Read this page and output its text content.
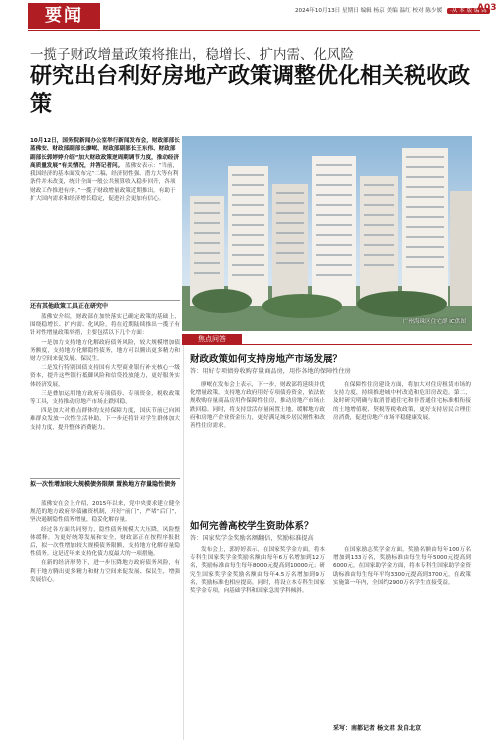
要闻	2024年10月13日 星期日 编辑 杨京 美编 温红 校对 陈少媛 ·从 本 版 编 辑
A03
一揽子财政增量政策将推出，稳增长、扩内需、化风险
研究出台利好房地产政策调整优化相关税收政策
10月12日，国务院新闻办公室举行新闻发布会，财政部部长蓝佛安、财政部副部长廖岷、财政部副部长王东伟、财政部副部长郭婷婷介绍“加大财政政策逆周期调节力度，推动经济高质量发展”有关情况，并答记者问。 蓝佛安表示：“当前，我国经济的基本面发布完“二稿，经济韧性强、潜力大等有利条件并未改变，统计全面一般公共预算收入稳步回升，各项财政工作推进有序。”一揽子财政增量政策近期推出，有助于扩大国内需求和经济增长稳定，促进社会更加有信心。
广州海珠区住宅群 IC供图
还有其他政策工具正在研究中

蓝佛安介绍，财政部在加快落实已确定政策的基础上，围绕稳增长、扩内需、化风险，将在近期陆续推出一揽子有针对性增量政策举措，主要包括以下几个方面：

一是加力支持地方化解政府债务风险，较大规模增加债务额度，支持地方化解隐性债务，地方可以腾出更多精力和财力空间来促发展、保民生。

二是发行特别国债支持国有大型商业银行补充核心一级资本，提升这些银行抵御风险和信贷投放能力，更好服务实体经济发展。

三是叠加运用地方政府专项债券、专项资金、税收政策等工具，支持推动房地产市场止跌回稳。

四是加大对重点群体的支持保障力度，国庆节前已向困难群众发放一次性生活补助，下一步还将针对学生群体加大支持力度，提升整体消费能力。

拟一次性增加较大规模债务限额 置换地方存量隐性债务

蓝佛安在会上介绍，2015年以来，党中央要求建立健全规范的地方政府举债融资机制，开好“前门”，严堵“后门”，坚决遏制隐性债务增量，稳妥化解存量。

经过各方面共同努力，隐性债务规模大大压降，风险整体缓释。为更好统筹发展和安全，财政部正在按程序报批后，拟一次性增加较大规模债务限额，支持地方化解存量隐性债务。这是近年来支持化债力度最大的一项措施。

在新的经济形势下，进一步压降地方政府债务风险，有利于地方腾出更多精力和财力空间来促发展、保民生，增强发展信心。

焦点问答
财政政策如何支持房地产市场发展？
答：用好专项债券收购存量商品房，用作各地的保障性住房

廖岷在发布会上表示，下一步，财政部将延续并优化增量政策，支持地方政府用好专项债券资金，依法依规收购存量商品房用作保障性住房，推动房地产市场止跌回稳。同时，将支持盘活存量闲置土地，缓解地方政府和房地产企业资金压力，更好满足城乡居民刚性和改善性住房需求。

在保障性住房建设方面，将加大对住房租赁市场的支持力度，持续推进城中村改造和危旧房改造。第二，及时研究明确与取消普通住宅和非普通住宅标准相衔接的土地增值税、契税等税收政策，更好支持居民合理住房消费，促进房地产市场平稳健康发展。

如何完善高校学生资助体系？
答：国家奖学金奖励名额翻倍，奖励标准提高

发布会上，郭婷婷表示，在国家奖学金方面，将本专科生国家奖学金奖励名额由每年6万名增加到12万名，奖励标准由每生每年8000元提高到10000元；研究生国家奖学金奖励名额由每年4.5万名增加到9万名，奖励标准也相应提高。同时，将设立本专科生国家奖学金专项，向基础学科和国家急需学科倾斜。

在国家励志奖学金方面，奖励名额由每年100万名增加到133万名，奖励标准由每生每年5000元提高到6000元。在国家助学金方面，将本专科生国家助学金资助标准由每生每年平均3300元提高到3700元，在政策实施第一年内，全国约2900万名学生直接受益。

采写：南都记者 杨文君 发自北京
